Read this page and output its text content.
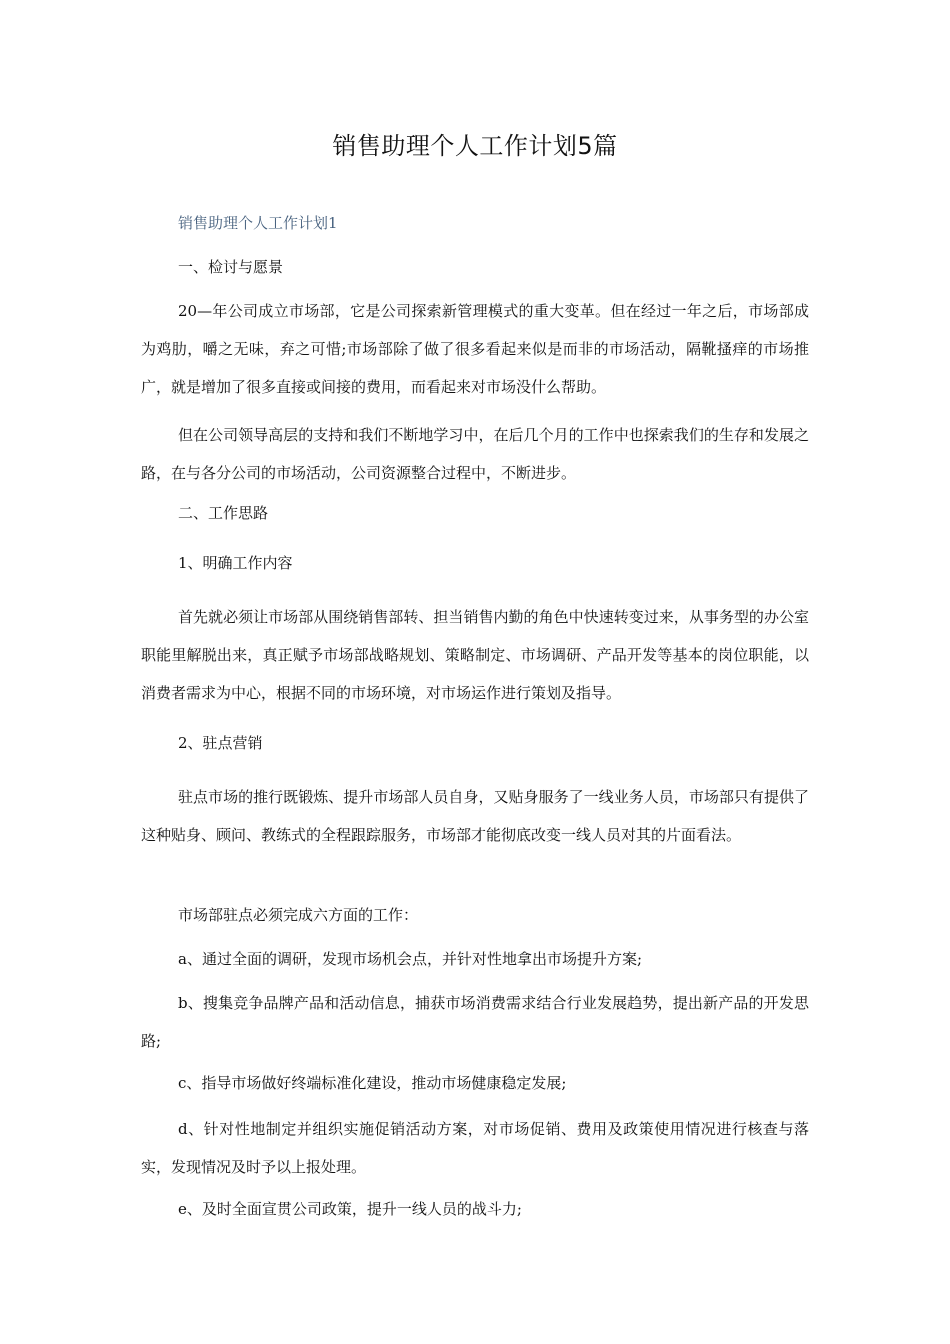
销售助理个人工作计划5篇

销售助理个人工作计划1

一、检讨与愿景

20—年公司成立市场部，它是公司探索新管理模式的重大变革。但在经过一年之后，市场部成为鸡肋，嚼之无味，弃之可惜;市场部除了做了很多看起来似是而非的市场活动，隔靴搔痒的市场推广，就是增加了很多直接或间接的费用，而看起来对市场没什么帮助。

但在公司领导高层的支持和我们不断地学习中，在后几个月的工作中也探索我们的生存和发展之路，在与各分公司的市场活动，公司资源整合过程中，不断进步。

二、工作思路

1、明确工作内容

首先就必须让市场部从围绕销售部转、担当销售内勤的角色中快速转变过来，从事务型的办公室职能里解脱出来，真正赋予市场部战略规划、策略制定、市场调研、产品开发等基本的岗位职能，以消费者需求为中心，根据不同的市场环境，对市场运作进行策划及指导。

2、驻点营销

驻点市场的推行既锻炼、提升市场部人员自身，又贴身服务了一线业务人员，市场部只有提供了这种贴身、顾问、教练式的全程跟踪服务，市场部才能彻底改变一线人员对其的片面看法。

市场部驻点必须完成六方面的工作：

a、通过全面的调研，发现市场机会点，并针对性地拿出市场提升方案;

b、搜集竞争品牌产品和活动信息，捕获市场消费需求结合行业发展趋势，提出新产品的开发思路;

c、指导市场做好终端标准化建设，推动市场健康稳定发展;

d、针对性地制定并组织实施促销活动方案，对市场促销、费用及政策使用情况进行核查与落实，发现情况及时予以上报处理。

e、及时全面宣贯公司政策，提升一线人员的战斗力;
